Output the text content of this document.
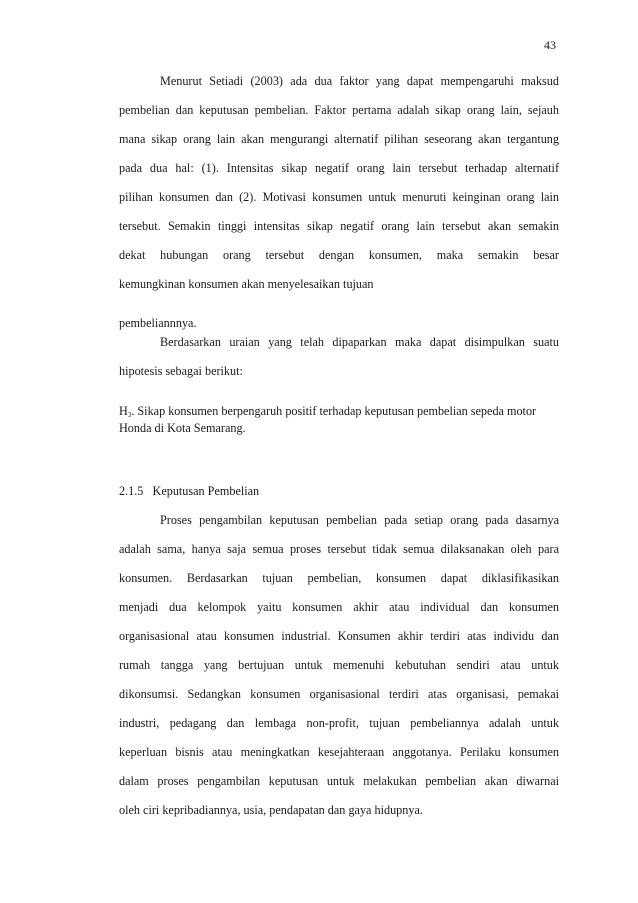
43
Menurut Setiadi (2003) ada dua faktor yang dapat mempengaruhi maksud
pembelian dan keputusan pembelian. Faktor pertama adalah sikap orang lain, sejauh
mana sikap orang lain akan mengurangi alternatif pilihan seseorang akan tergantung
pada dua hal: (1). Intensitas sikap negatif orang lain tersebut terhadap alternatif
pilihan konsumen dan (2). Motivasi konsumen untuk menuruti keinginan orang lain
tersebut. Semakin tinggi intensitas sikap negatif orang lain tersebut akan semakin
dekat hubungan orang tersebut dengan konsumen, maka semakin besar
kemungkinan konsumen akan menyelesaikan tujuan
pembeliannnya.
Berdasarkan uraian yang telah dipaparkan maka dapat disimpulkan suatu
hipotesis sebagai berikut:
$H_3$. Sikap konsumen berpengaruh positif terhadap keputusan pembelian sepeda motor
Honda di Kota Semarang.
2.1.5   Keputusan Pembelian
Proses pengambilan keputusan pembelian pada setiap orang pada dasarnya
adalah sama, hanya saja semua proses tersebut tidak semua dilaksanakan oleh para
konsumen. Berdasarkan tujuan pembelian, konsumen dapat diklasifikasikan
menjadi dua kelompok yaitu konsumen akhir atau individual dan konsumen
organisasional atau konsumen industrial. Konsumen akhir terdiri atas individu dan
rumah tangga yang bertujuan untuk memenuhi kebutuhan sendiri atau untuk
dikonsumsi. Sedangkan konsumen organisasional terdiri atas organisasi, pemakai
industri, pedagang dan lembaga non-profit, tujuan pembeliannya adalah untuk
keperluan bisnis atau meningkatkan kesejahteraan anggotanya. Perilaku konsumen
dalam proses pengambilan keputusan untuk melakukan pembelian akan diwarnai
oleh ciri kepribadiannya, usia, pendapatan dan gaya hidupnya.
